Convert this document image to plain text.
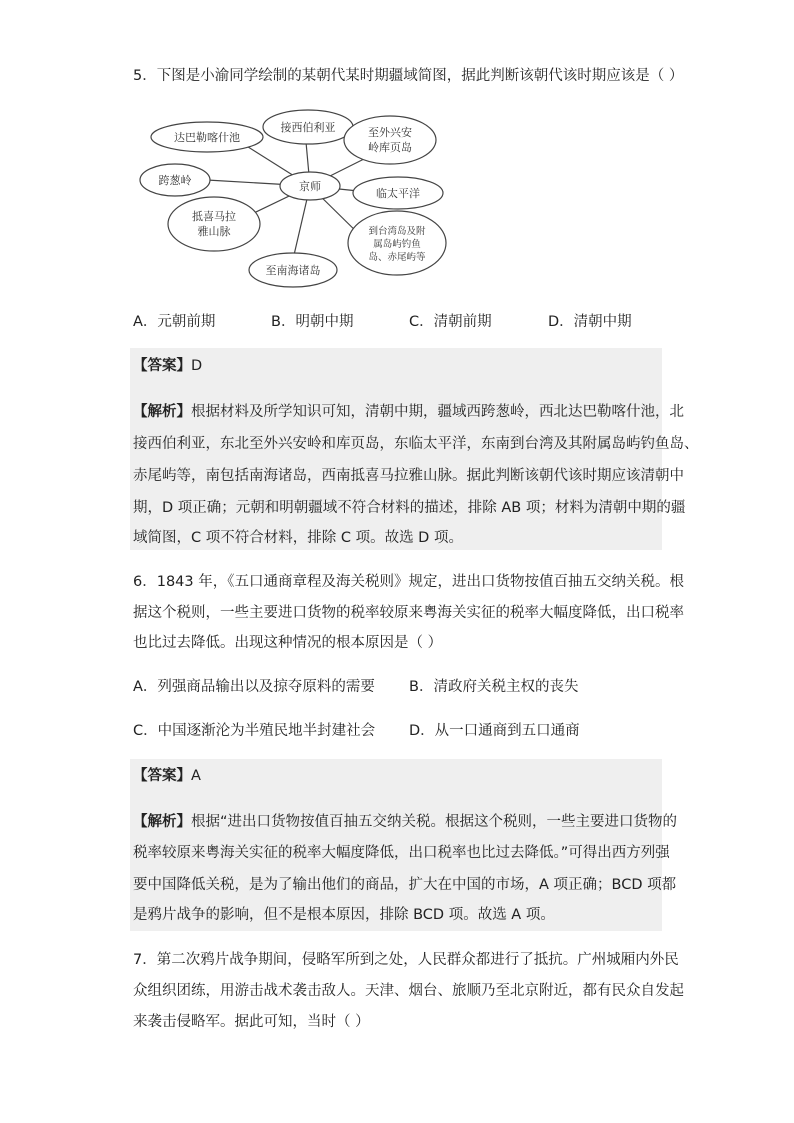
5．下图是小渝同学绘制的某朝代某时期疆域简图，据此判断该朝代该时期应该是（ ）
京师
达巴勒喀什池
接西伯利亚	至外兴安
岭库页岛
跨葱岭
临太平洋
抵喜马拉
雅山脉	到台湾岛及附
属岛屿钓鱼
岛、赤尾屿等
至南海诸岛
A．元朝前期	B．明朝中期	C．清朝前期	D．清朝中期
【答案】D
【解析】根据材料及所学知识可知，清朝中期，疆域西跨葱岭，西北达巴勒喀什池，北
接西伯利亚，东北至外兴安岭和库页岛，东临太平洋，东南到台湾及其附属岛屿钓鱼岛、
赤尾屿等，南包括南海诸岛，西南抵喜马拉雅山脉。据此判断该朝代该时期应该清朝中
期，D 项正确；元朝和明朝疆域不符合材料的描述，排除 AB 项；材料为清朝中期的疆
域简图，C 项不符合材料，排除 C 项。故选 D 项。
6．1843 年，《五口通商章程及海关税则》规定，进出口货物按值百抽五交纳关税。根
据这个税则，一些主要进口货物的税率较原来粤海关实征的税率大幅度降低，出口税率
也比过去降低。出现这种情况的根本原因是（ ）
A．列强商品输出以及掠夺原料的需要 B．清政府关税主权的丧失
C．中国逐渐沦为半殖民地半封建社会 D．从一口通商到五口通商
【答案】A
【解析】根据“进出口货物按值百抽五交纳关税。根据这个税则，一些主要进口货物的
税率较原来粤海关实征的税率大幅度降低，出口税率也比过去降低。”可得出西方列强
要中国降低关税，是为了输出他们的商品，扩大在中国的市场，A 项正确；BCD 项都
是鸦片战争的影响，但不是根本原因，排除 BCD 项。故选 A 项。
7．第二次鸦片战争期间，侵略军所到之处，人民群众都进行了抵抗。广州城厢内外民
众组织团练，用游击战术袭击敌人。天津、烟台、旅顺乃至北京附近，都有民众自发起
来袭击侵略军。据此可知，当时（ ）
